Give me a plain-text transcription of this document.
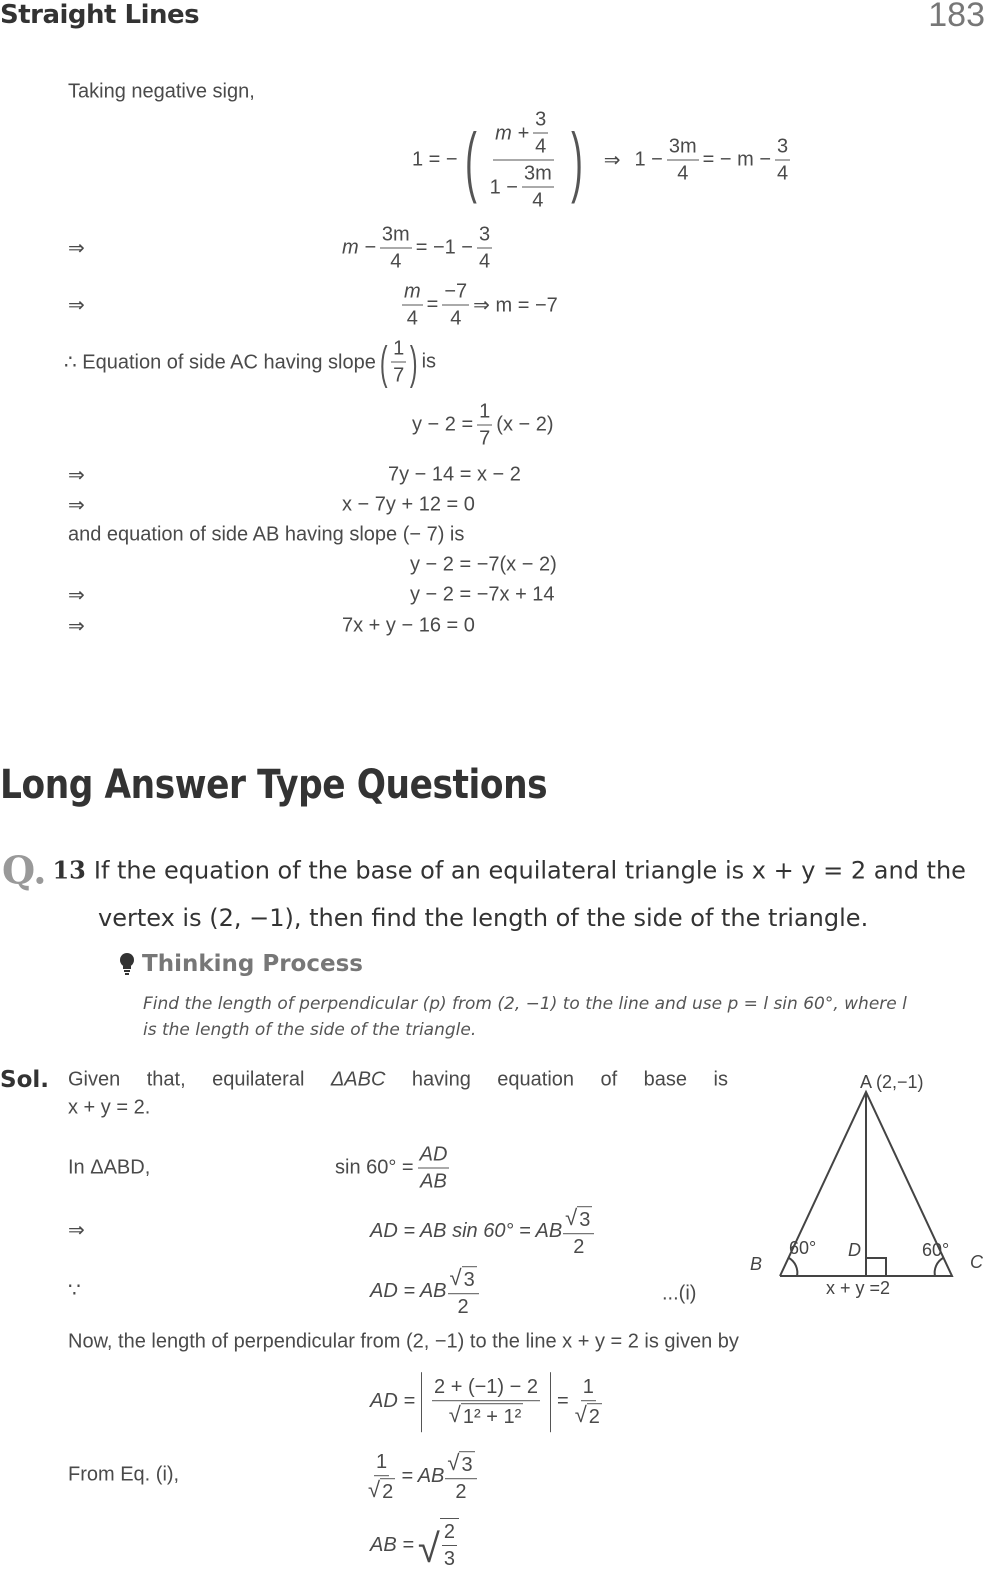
Straight Lines	183
Taking negative sign,
1 = − ( $\frac{m + \frac{3}{4}}{1 - \frac{3m}{4}}$ ) ⇒ $1 - \frac{3m}{4}$ = − $m - \frac{3}{4}$
⇒	$m - \frac{3m}{4} = -1 - \frac{3}{4}$
⇒	$\frac{m}{4} = \frac{-7}{4}$ ⇒ m = −7
∴ Equation of side AC having slope ( $\frac{1}{7}$ ) is
$y - 2 = \frac{1}{7} (x - 2)$
⇒	7y − 14 = x − 2
⇒	x − 7y + 12 = 0
and equation of side AB having slope (− 7) is
y − 2 = −7(x − 2)
⇒	y − 2 = −7x + 14
⇒	7x + y − 16 = 0
Long Answer Type Questions
Q. 13 If the equation of the base of an equilateral triangle is x + y = 2 and the
vertex is (2, −1), then find the length of the side of the triangle.
Thinking Process
Find the length of perpendicular (p) from (2, −1) to the line and use p = l sin 60°, where l
is the length of the side of the triangle.
Sol. Given that, equilateral ΔABC having equation of base is
x + y = 2.
In ΔABD,	$\sin 60^\circ = \frac{AD}{AB}$
⇒	AD = AB sin 60° = AB $\frac{√ 3}{2}$
∵	AD = AB $\frac{√ 3}{2}$	...(i)
Now, the length of perpendicular from (2, −1) to the line x + y = 2 is given by
AD = $\frac{2 + (-1) - 2}{\text{√ 1² + 1²}} = \frac{1}{√ 2}$
From Eq. (i),	$\frac{1}{√ 2}$ = AB $\frac{√ 3}{2}$
AB = √ $\frac{2}{3}$
A (2,−1)
B	C
D
60°	60°
x + y =2
